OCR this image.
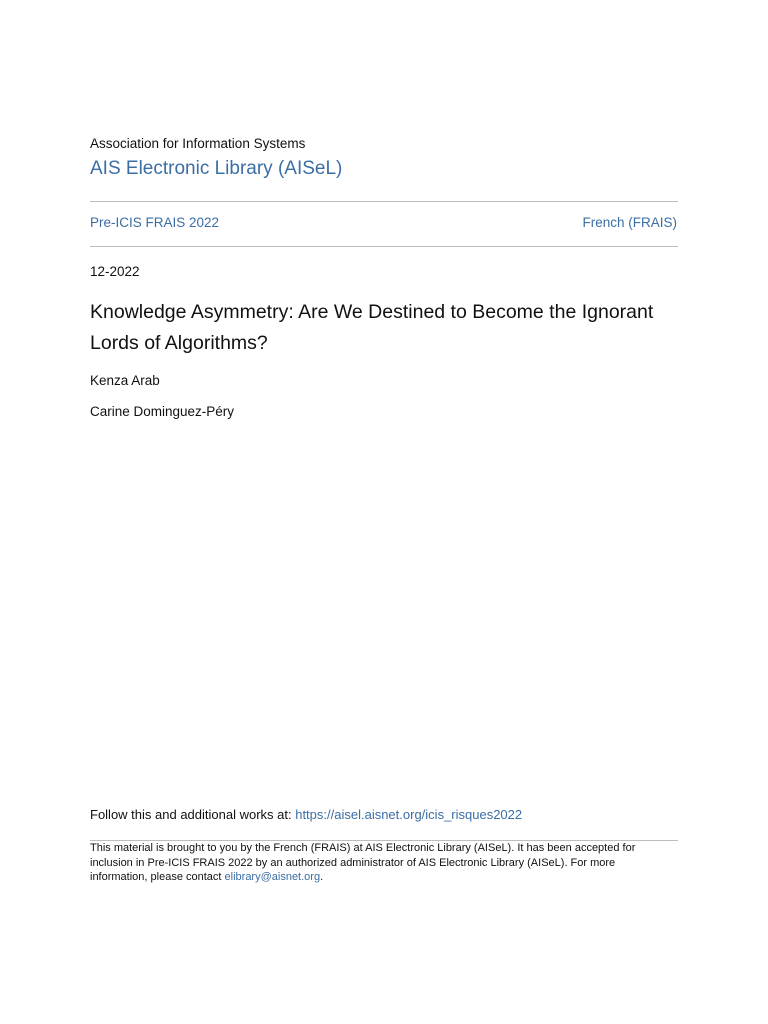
Association for Information Systems
AIS Electronic Library (AISeL)
Pre-ICIS FRAIS 2022	French (FRAIS)
12-2022
Knowledge Asymmetry: Are We Destined to Become the Ignorant Lords of Algorithms?
Kenza Arab
Carine Dominguez-Péry
Follow this and additional works at: https://aisel.aisnet.org/icis_risques2022
This material is brought to you by the French (FRAIS) at AIS Electronic Library (AISeL). It has been accepted for inclusion in Pre-ICIS FRAIS 2022 by an authorized administrator of AIS Electronic Library (AISeL). For more information, please contact elibrary@aisnet.org.
